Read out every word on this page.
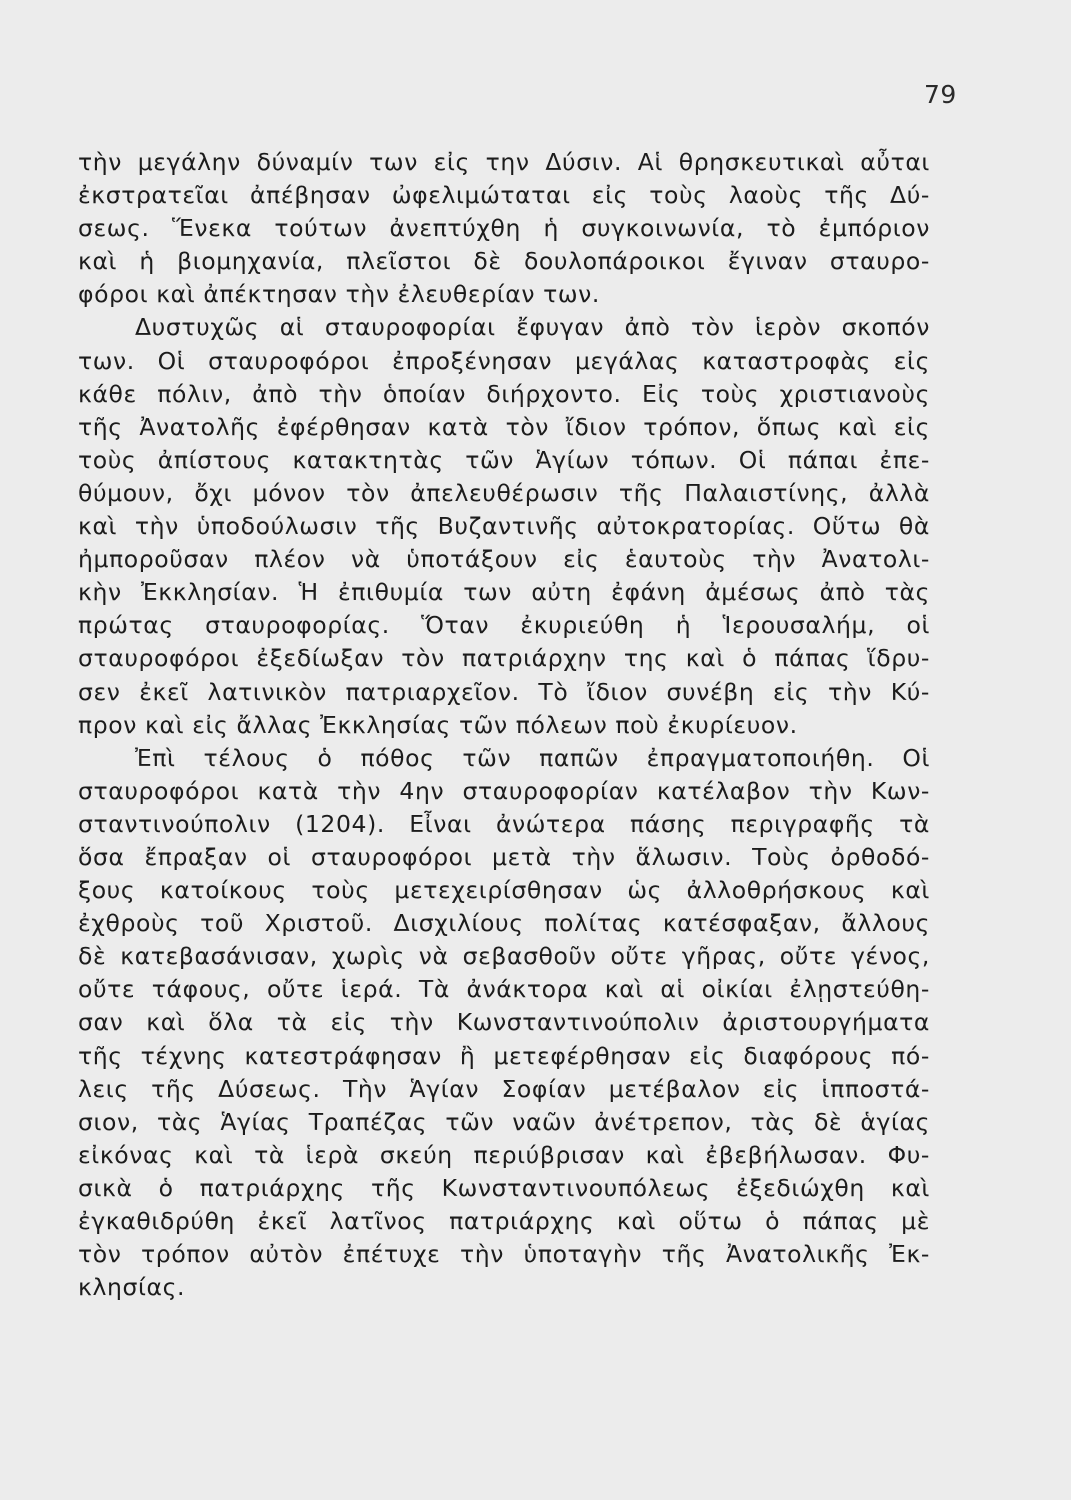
79
τὴν μεγάλην δύναμίν των εἰς την Δύσιν. Αἱ θρησκευτικαὶ αὖται
ἐκστρατεῖαι ἀπέβησαν ὠφελιμώταται εἰς τοὺς λαοὺς τῆς Δύ-
σεως. Ἕνεκα τούτων ἀνεπτύχθη ἡ συγκοινωνία, τὸ ἐμπόριον
καὶ ἡ βιομηχανία, πλεῖστοι δὲ δουλοπάροικοι ἔγιναν σταυρο-
φόροι καὶ ἀπέκτησαν τὴν ἐλευθερίαν των.
Δυστυχῶς αἱ σταυροφορίαι ἔφυγαν ἀπὸ τὸν ἱερὸν σκοπόν
των. Οἱ σταυροφόροι ἐπροξένησαν μεγάλας καταστροφὰς εἰς
κάθε πόλιν, ἀπὸ τὴν ὁποίαν διήρχοντο. Εἰς τοὺς χριστιανοὺς
τῆς Ἀνατολῆς ἐφέρθησαν κατὰ τὸν ἴδιον τρόπον, ὅπως καὶ εἰς
τοὺς ἀπίστους κατακτητὰς τῶν Ἁγίων τόπων. Οἱ πάπαι ἐπε-
θύμουν, ὄχι μόνον τὸν ἀπελευθέρωσιν τῆς Παλαιστίνης, ἀλλὰ
καὶ τὴν ὑποδούλωσιν τῆς Βυζαντινῆς αὐτοκρατορίας. Οὕτω θὰ
ἠμποροῦσαν πλέον νὰ ὑποτάξουν εἰς ἑαυτοὺς τὴν Ἀνατολι-
κὴν Ἐκκλησίαν. Ἡ ἐπιθυμία των αὐτη ἐφάνη ἀμέσως ἀπὸ τὰς
πρώτας σταυροφορίας. Ὅταν ἐκυριεύθη ἡ Ἱερουσαλήμ, οἱ
σταυροφόροι ἐξεδίωξαν τὸν πατριάρχην της καὶ ὁ πάπας ἵδρυ-
σεν ἐκεῖ λατινικὸν πατριαρχεῖον. Τὸ ἴδιον συνέβη εἰς τὴν Κύ-
προν καὶ εἰς ἄλλας Ἐκκλησίας τῶν πόλεων ποὺ ἐκυρίευον.
Ἐπὶ τέλους ὁ πόθος τῶν παπῶν ἐπραγματοποιήθη. Οἱ
σταυροφόροι κατὰ τὴν 4ην σταυροφορίαν κατέλαβον τὴν Κων-
σταντινούπολιν (1204). Εἶναι ἀνώτερα πάσης περιγραφῆς τὰ
ὅσα ἔπραξαν οἱ σταυροφόροι μετὰ τὴν ἅλωσιν. Τοὺς ὀρθοδό-
ξους κατοίκους τοὺς μετεχειρίσθησαν ὡς ἀλλοθρήσκους καὶ
ἐχθροὺς τοῦ Χριστοῦ. Δισχιλίους πολίτας κατέσφαξαν, ἄλλους
δὲ κατεβασάνισαν, χωρὶς νὰ σεβασθοῦν οὔτε γῆρας, οὔτε γένος,
οὔτε τάφους, οὔτε ἱερά. Τὰ ἀνάκτορα καὶ αἱ οἰκίαι ἐλῃστεύθη-
σαν καὶ ὅλα τὰ εἰς τὴν Κωνσταντινούπολιν ἀριστουργήματα
τῆς τέχνης κατεστράφησαν ἢ μετεφέρθησαν εἰς διαφόρους πό-
λεις τῆς Δύσεως. Τὴν Ἁγίαν Σοφίαν μετέβαλον εἰς ἱπποστά-
σιον, τὰς Ἁγίας Τραπέζας τῶν ναῶν ἀνέτρεπον, τὰς δὲ ἁγίας
εἰκόνας καὶ τὰ ἱερὰ σκεύη περιύβρισαν καὶ ἐβεβήλωσαν. Φυ-
σικὰ ὁ πατριάρχης τῆς Κωνσταντινουπόλεως ἐξεδιώχθη καὶ
ἐγκαθιδρύθη ἐκεῖ λατῖνος πατριάρχης καὶ οὕτω ὁ πάπας μὲ
τὸν τρόπον αὐτὸν ἐπέτυχε τὴν ὑποταγὴν τῆς Ἀνατολικῆς Ἐκ-
κλησίας.
